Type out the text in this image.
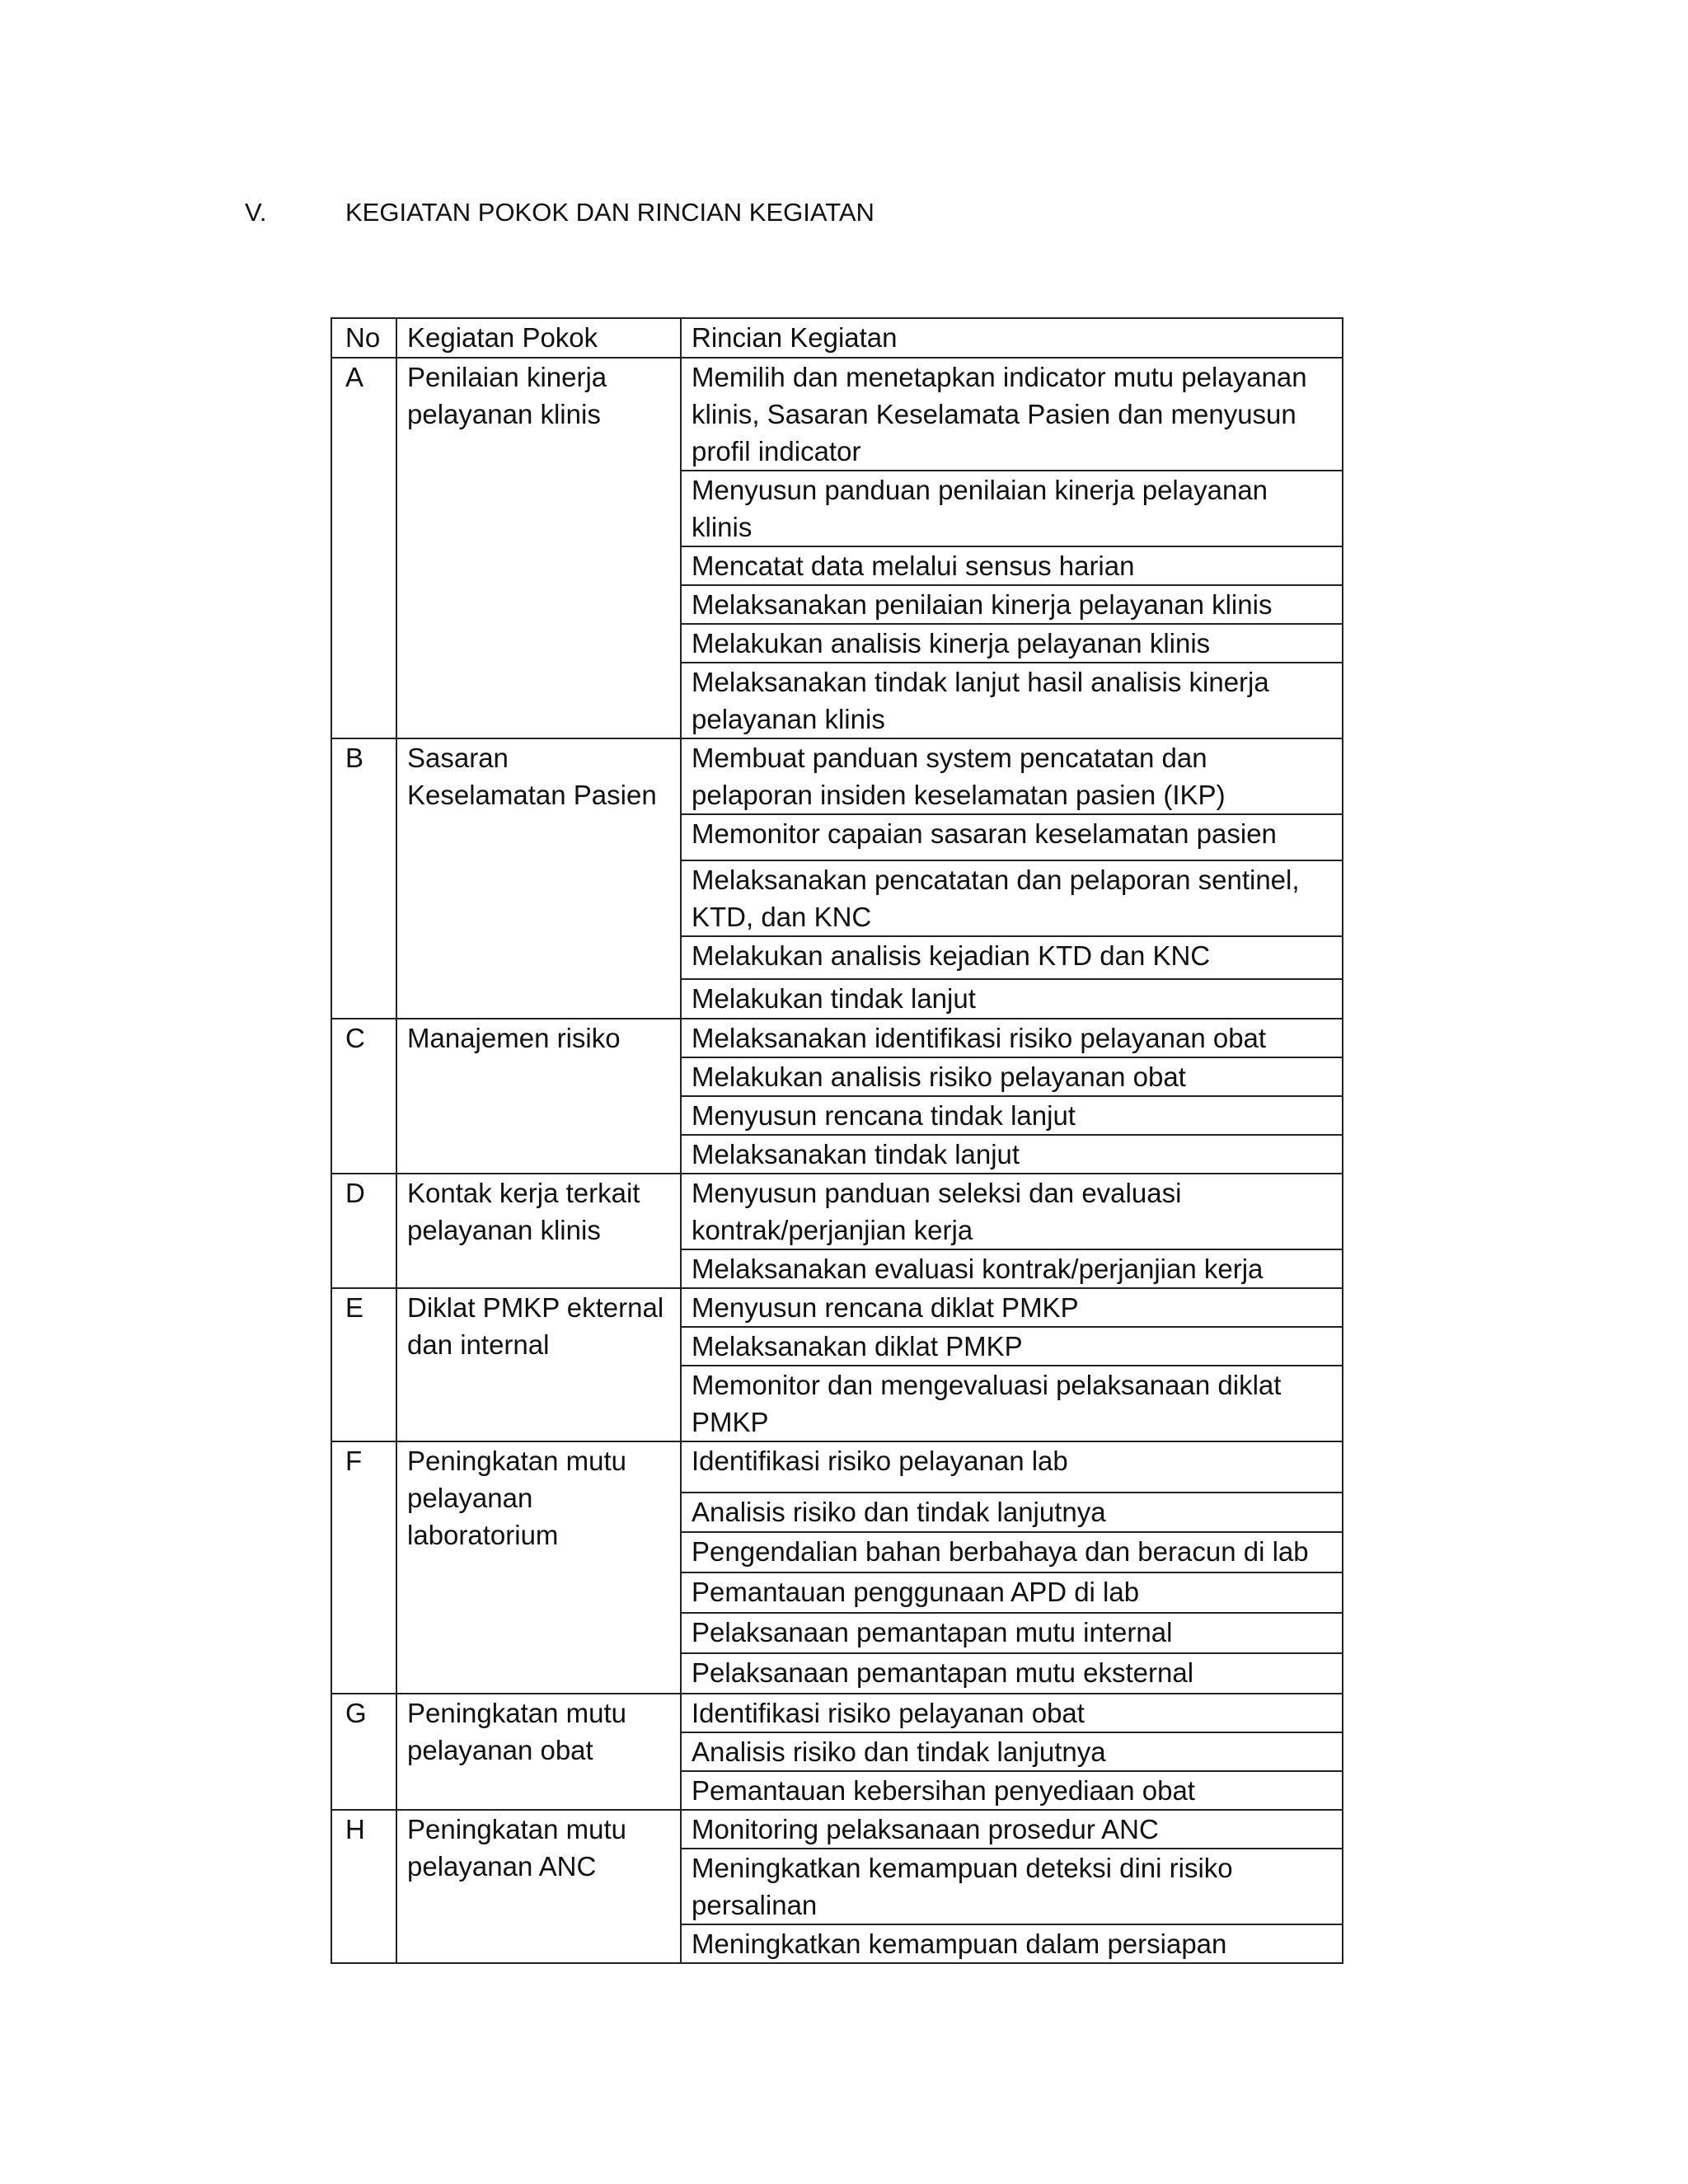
V.	KEGIATAN POKOK DAN RINCIAN KEGIATAN
No	Kegiatan Pokok	Rincian Kegiatan
A	Penilaian kinerja pelayanan klinis	Memilih dan menetapkan indicator mutu pelayanan klinis, Sasaran Keselamata Pasien dan menyusun profil indicator
		Menyusun panduan penilaian kinerja pelayanan klinis
		Mencatat data melalui sensus harian
		Melaksanakan penilaian kinerja pelayanan klinis
		Melakukan analisis kinerja pelayanan klinis
		Melaksanakan tindak lanjut hasil analisis kinerja pelayanan klinis
B	Sasaran Keselamatan Pasien	Membuat panduan system pencatatan dan pelaporan insiden keselamatan pasien (IKP)
		Memonitor capaian sasaran keselamatan pasien
		Melaksanakan pencatatan dan pelaporan sentinel, KTD, dan KNC
		Melakukan analisis kejadian KTD dan KNC
		Melakukan tindak lanjut
C	Manajemen risiko	Melaksanakan identifikasi risiko pelayanan obat
		Melakukan analisis risiko pelayanan obat
		Menyusun rencana tindak lanjut
		Melaksanakan tindak lanjut
D	Kontak kerja terkait pelayanan klinis	Menyusun panduan seleksi dan evaluasi kontrak/perjanjian kerja
		Melaksanakan evaluasi kontrak/perjanjian kerja
E	Diklat PMKP ekternal dan internal	Menyusun rencana diklat PMKP
		Melaksanakan diklat PMKP
		Memonitor dan mengevaluasi pelaksanaan diklat PMKP
F	Peningkatan mutu pelayanan laboratorium	Identifikasi risiko pelayanan lab
		Analisis risiko dan tindak lanjutnya
		Pengendalian bahan berbahaya dan beracun di lab
		Pemantauan penggunaan APD di lab
		Pelaksanaan pemantapan mutu internal
		Pelaksanaan pemantapan mutu eksternal
G	Peningkatan mutu pelayanan obat	Identifikasi risiko pelayanan obat
		Analisis risiko dan tindak lanjutnya
		Pemantauan kebersihan penyediaan obat
H	Peningkatan mutu pelayanan ANC	Monitoring pelaksanaan prosedur ANC
		Meningkatkan kemampuan deteksi dini risiko persalinan
		Meningkatkan kemampuan dalam persiapan
